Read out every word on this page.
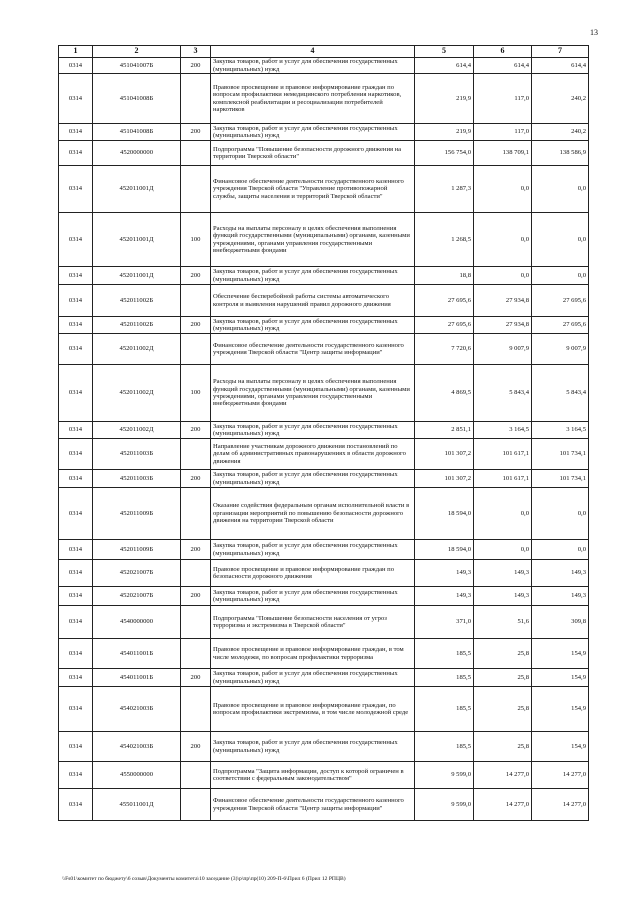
13
1	2	3	4	5	6	7
0314	451041007Б	200	Закупка товаров, работ и услуг для обеспечения государственных (муниципальных) нужд	614,4	614,4	614,4
0314	451041008Б		Правовое просвещение и правовое информирование граждан по вопросам профилактики немедицинского потребления наркотиков, комплексной реабилитации и ресоциализации потребителей наркотиков	219,9	117,0	240,2
0314	451041008Б	200	Закупка товаров, работ и услуг для обеспечения государственных (муниципальных) нужд	219,9	117,0	240,2
0314	4520000000		Подпрограмма "Повышение безопасности дорожного движения на территории Тверской области"	156 754,0	138 709,1	138 586,9
0314	452011001Д		Финансовое обеспечение деятельности государственного казенного учреждения Тверской области "Управление противопожарной службы, защиты населения и территорий Тверской области"	1 287,3	0,0	0,0
0314	452011001Д	100	Расходы на выплаты персоналу в целях обеспечения выполнения функций государственными (муниципальными) органами, казенными учреждениями, органами управления государственными внебюджетными фондами	1 268,5	0,0	0,0
0314	452011001Д	200	Закупка товаров, работ и услуг для обеспечения государственных (муниципальных) нужд	18,8	0,0	0,0
0314	452011002Б		Обеспечение бесперебойной работы системы автоматического контроля и выявления нарушений правил дорожного движения	27 695,6	27 934,8	27 695,6
0314	452011002Б	200	Закупка товаров, работ и услуг для обеспечения государственных (муниципальных) нужд	27 695,6	27 934,8	27 695,6
0314	452011002Д		Финансовое обеспечение деятельности государственного казенного учреждения Тверской области "Центр защиты информации"	7 720,6	9 007,9	9 007,9
0314	452011002Д	100	Расходы на выплаты персоналу в целях обеспечения выполнения функций государственными (муниципальными) органами, казенными учреждениями, органами управления государственными внебюджетными фондами	4 869,5	5 843,4	5 843,4
0314	452011002Д	200	Закупка товаров, работ и услуг для обеспечения государственных (муниципальных) нужд	2 851,1	3 164,5	3 164,5
0314	452011003Б		Направление участникам дорожного движения постановлений по делам об административных правонарушениях в области дорожного движения	101 307,2	101 617,1	101 734,1
0314	452011003Б	200	Закупка товаров, работ и услуг для обеспечения государственных (муниципальных) нужд	101 307,2	101 617,1	101 734,1
0314	452011009Б		Оказание содействия федеральным органам исполнительной власти в организации мероприятий по повышению безопасности дорожного движения на территории Тверской области	18 594,0	0,0	0,0
0314	452011009Б	200	Закупка товаров, работ и услуг для обеспечения государственных (муниципальных) нужд	18 594,0	0,0	0,0
0314	452021007Б		Правовое просвещение и правовое информирование граждан по безопасности дорожного движения	149,3	149,3	149,3
0314	452021007Б	200	Закупка товаров, работ и услуг для обеспечения государственных (муниципальных) нужд	149,3	149,3	149,3
0314	4540000000		Подпрограмма "Повышение безопасности населения от угроз терроризма и экстремизма в Тверской области"	371,0	51,6	309,8
0314	454011001Б		Правовое просвещение и правовое информирование граждан, в том числе молодежи, по вопросам профилактики терроризма	185,5	25,8	154,9
0314	454011001Б	200	Закупка товаров, работ и услуг для обеспечения государственных (муниципальных) нужд	185,5	25,8	154,9
0314	454021003Б		Правовое просвещение и правовое информирование граждан, по вопросам профилактики экстремизма, в том числе молодежной среде	185,5	25,8	154,9
0314	454021003Б	200	Закупка товаров, работ и услуг для обеспечения государственных (муниципальных) нужд	185,5	25,8	154,9
0314	4550000000		Подпрограмма "Защита информации, доступ к которой ограничен в соответствии с федеральным законодательством"	9 599,0	14 277,0	14 277,0
0314	455011001Д		Финансовое обеспечение деятельности государственного казенного учреждения Тверской области "Центр защиты информации"	9 599,0	14 277,0	14 277,0
\\Fs01\комитет по бюджету\6 созыв\Документы комитета\10 заседание (3)\р\пр\пр(10) 209-П-6\Прил 6 (Прил 12 РПЦВ)
